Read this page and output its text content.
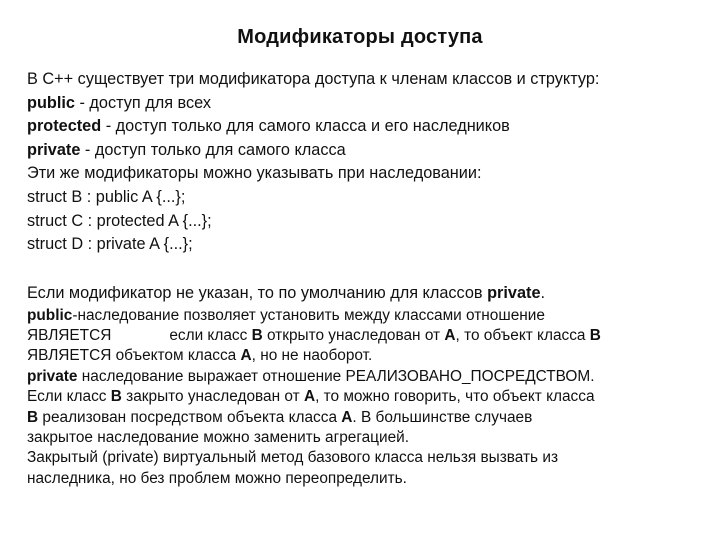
Модификаторы доступа
В С++ существует три модификатора доступа к членам классов и структур:
public - доступ для всех
protected - доступ только для самого класса и его наследников
private - доступ только для самого класса
Эти же модификаторы можно указывать при наследовании:
struct B : public A {...};
struct C : protected A {...};
struct D : private A {...};
Если модификатор не указан, то по умолчанию для классов private.
public-наследование позволяет установить между классами отношение
ЯВЛЯЕТСЯ	если класс B открыто унаследован от A, то объект класса B
ЯВЛЯЕТСЯ объектом класса A, но не наоборот.
private наследование выражает отношение РЕАЛИЗОВАНО_ПОСРЕДСТВОМ.
Если класс B закрыто унаследован от A, то можно говорить, что объект класса
B реализован посредством объекта класса A. В большинстве случаев
закрытое наследование можно заменить агрегацией.
Закрытый (private) виртуальный метод базового класса нельзя вызвать из
наследника, но без проблем можно переопределить.
